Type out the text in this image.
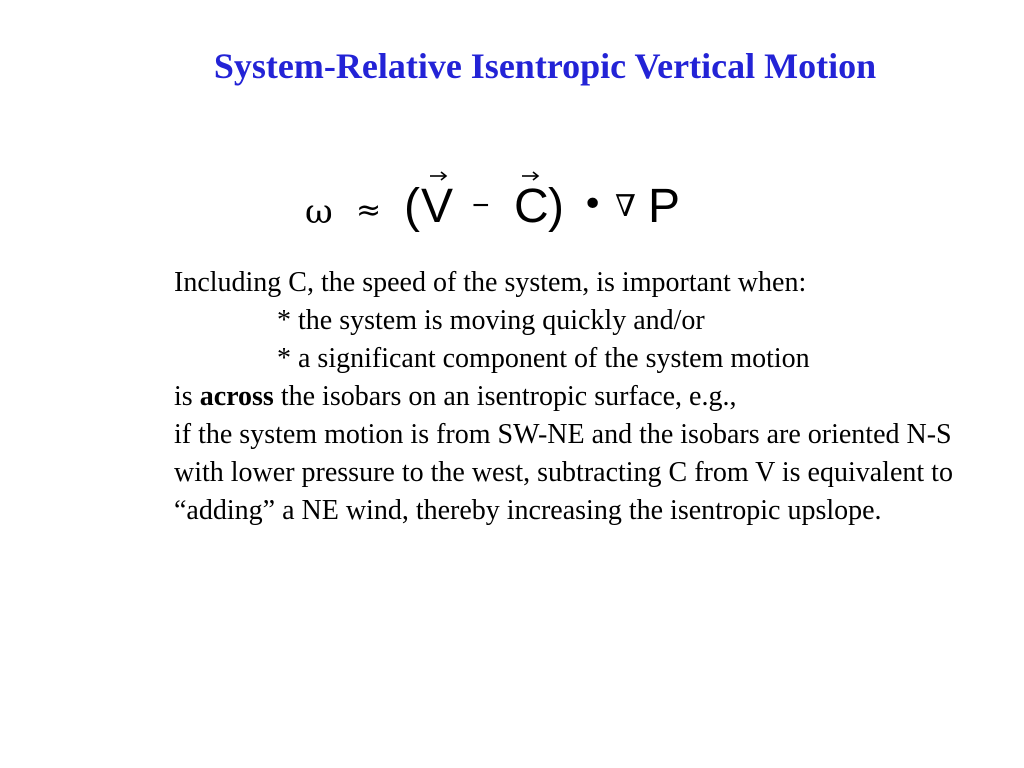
System-Relative Isentropic Vertical Motion
ω ≈ ( V − C ) • ∇ P

Including C, the speed of the system, is important when:

* the system is moving quickly and/or

* a significant component of the system motion
is across the isobars on an isentropic surface, e.g.,

if the system motion is from SW-NE and the isobars are oriented N-S with lower pressure to the west, subtracting C from V is equivalent to “adding” a NE wind, thereby increasing the isentropic upslope.
